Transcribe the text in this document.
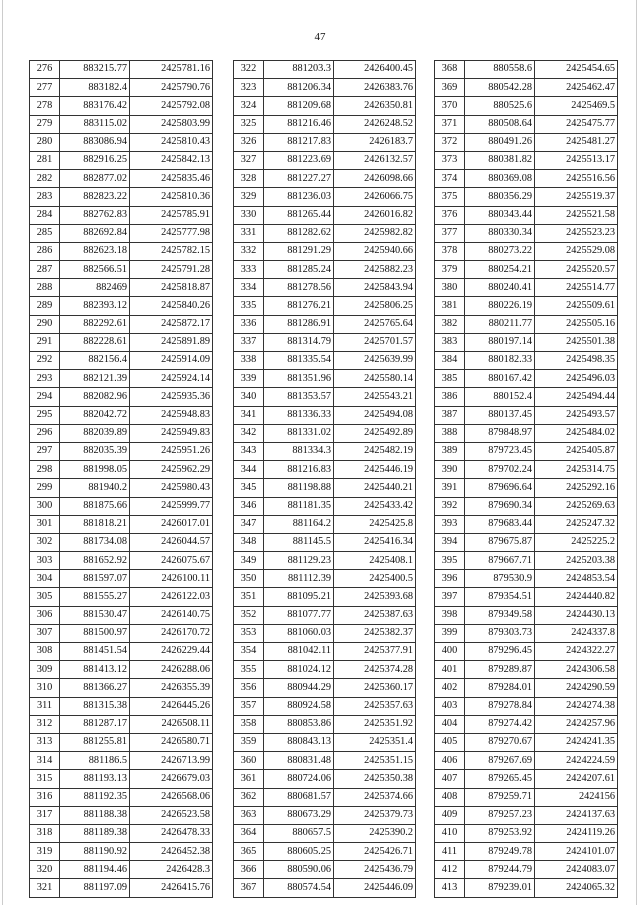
47
276	883215.77	2425781.16
277	883182.4	2425790.76
278	883176.42	2425792.08
279	883115.02	2425803.99
280	883086.94	2425810.43
281	882916.25	2425842.13
282	882877.02	2425835.46
283	882823.22	2425810.36
284	882762.83	2425785.91
285	882692.84	2425777.98
286	882623.18	2425782.15
287	882566.51	2425791.28
288	882469	2425818.87
289	882393.12	2425840.26
290	882292.61	2425872.17
291	882228.61	2425891.89
292	882156.4	2425914.09
293	882121.39	2425924.14
294	882082.96	2425935.36
295	882042.72	2425948.83
296	882039.89	2425949.83
297	882035.39	2425951.26
298	881998.05	2425962.29
299	881940.2	2425980.43
300	881875.66	2425999.77
301	881818.21	2426017.01
302	881734.08	2426044.57
303	881652.92	2426075.67
304	881597.07	2426100.11
305	881555.27	2426122.03
306	881530.47	2426140.75
307	881500.97	2426170.72
308	881451.54	2426229.44
309	881413.12	2426288.06
310	881366.27	2426355.39
311	881315.38	2426445.26
312	881287.17	2426508.11
313	881255.81	2426580.71
314	881186.5	2426713.99
315	881193.13	2426679.03
316	881192.35	2426568.06
317	881188.38	2426523.58
318	881189.38	2426478.33
319	881190.92	2426452.38
320	881194.46	2426428.3
321	881197.09	2426415.76
322	881203.3	2426400.45
323	881206.34	2426383.76
324	881209.68	2426350.81
325	881216.46	2426248.52
326	881217.83	2426183.7
327	881223.69	2426132.57
328	881227.27	2426098.66
329	881236.03	2426066.75
330	881265.44	2426016.82
331	881282.62	2425982.82
332	881291.29	2425940.66
333	881285.24	2425882.23
334	881278.56	2425843.94
335	881276.21	2425806.25
336	881286.91	2425765.64
337	881314.79	2425701.57
338	881335.54	2425639.99
339	881351.96	2425580.14
340	881353.57	2425543.21
341	881336.33	2425494.08
342	881331.02	2425492.89
343	881334.3	2425482.19
344	881216.83	2425446.19
345	881198.88	2425440.21
346	881181.35	2425433.42
347	881164.2	2425425.8
348	881145.5	2425416.34
349	881129.23	2425408.1
350	881112.39	2425400.5
351	881095.21	2425393.68
352	881077.77	2425387.63
353	881060.03	2425382.37
354	881042.11	2425377.91
355	881024.12	2425374.28
356	880944.29	2425360.17
357	880924.58	2425357.63
358	880853.86	2425351.92
359	880843.13	2425351.4
360	880831.48	2425351.15
361	880724.06	2425350.38
362	880681.57	2425374.66
363	880673.29	2425379.73
364	880657.5	2425390.2
365	880605.25	2425426.71
366	880590.06	2425436.79
367	880574.54	2425446.09
368	880558.6	2425454.65
369	880542.28	2425462.47
370	880525.6	2425469.5
371	880508.64	2425475.77
372	880491.26	2425481.27
373	880381.82	2425513.17
374	880369.08	2425516.56
375	880356.29	2425519.37
376	880343.44	2425521.58
377	880330.34	2425523.23
378	880273.22	2425529.08
379	880254.21	2425520.57
380	880240.41	2425514.77
381	880226.19	2425509.61
382	880211.77	2425505.16
383	880197.14	2425501.38
384	880182.33	2425498.35
385	880167.42	2425496.03
386	880152.4	2425494.44
387	880137.45	2425493.57
388	879848.97	2425484.02
389	879723.45	2425405.87
390	879702.24	2425314.75
391	879696.64	2425292.16
392	879690.34	2425269.63
393	879683.44	2425247.32
394	879675.87	2425225.2
395	879667.71	2425203.38
396	879530.9	2424853.54
397	879354.51	2424440.82
398	879349.58	2424430.13
399	879303.73	2424337.8
400	879296.45	2424322.27
401	879289.87	2424306.58
402	879284.01	2424290.59
403	879278.84	2424274.38
404	879274.42	2424257.96
405	879270.67	2424241.35
406	879267.69	2424224.59
407	879265.45	2424207.61
408	879259.71	2424156
409	879257.23	2424137.63
410	879253.92	2424119.26
411	879249.78	2424101.07
412	879244.79	2424083.07
413	879239.01	2424065.32
